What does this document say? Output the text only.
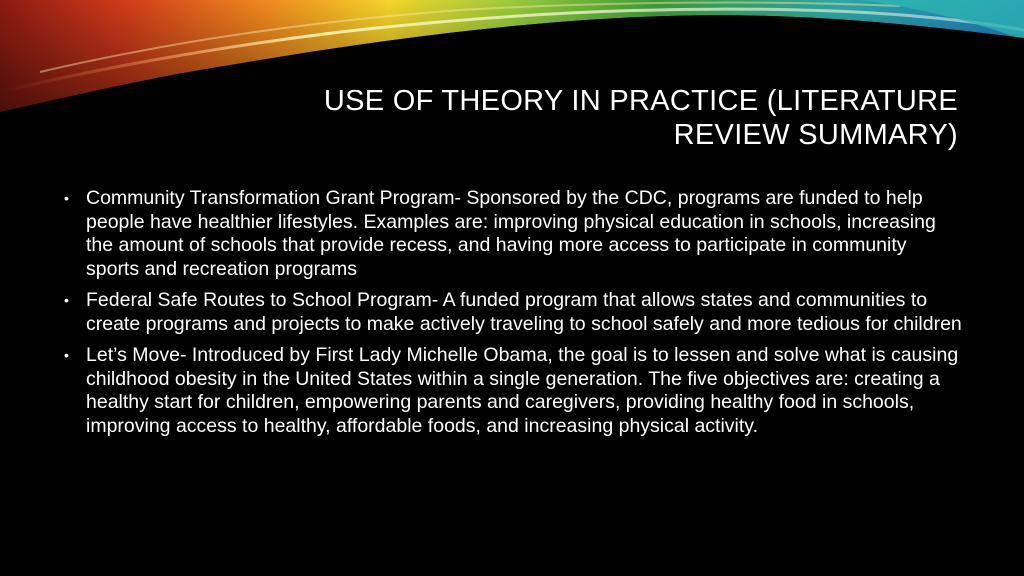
USE OF THEORY IN PRACTICE (LITERATURE REVIEW SUMMARY)
• Community Transformation Grant Program- Sponsored by the CDC, programs are funded to help people have healthier lifestyles. Examples are: improving physical education in schools, increasing the amount of schools that provide recess, and having more access to participate in community sports and recreation programs
• Federal Safe Routes to School Program- A funded program that allows states and communities to create programs and projects to make actively traveling to school safely and more tedious for children
• Let’s Move- Introduced by First Lady Michelle Obama, the goal is to lessen and solve what is causing childhood obesity in the United States within a single generation. The five objectives are: creating a healthy start for children, empowering parents and caregivers, providing healthy food in schools, improving access to healthy, affordable foods, and increasing physical activity.
